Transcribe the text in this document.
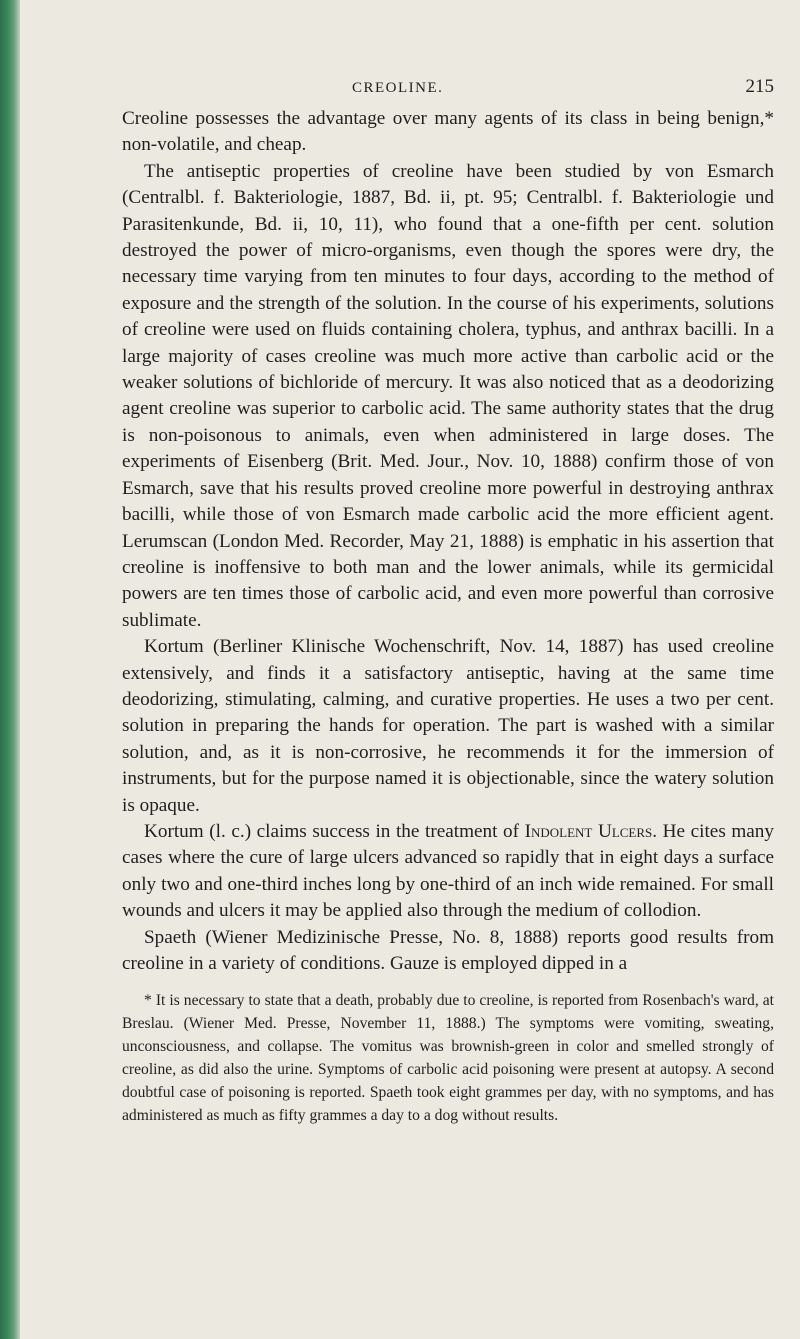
CREOLINE.	215

Creoline possesses the advantage over many agents of its class in being benign,* non-volatile, and cheap.

The antiseptic properties of creoline have been studied by von Esmarch (Centralbl. f. Bakteriologie, 1887, Bd. ii, pt. 95; Centralbl. f. Bakteriologie und Parasitenkunde, Bd. ii, 10, 11), who found that a one-fifth per cent. solution destroyed the power of micro-organisms, even though the spores were dry, the necessary time varying from ten minutes to four days, according to the method of exposure and the strength of the solution. In the course of his experiments, solutions of creoline were used on fluids containing cholera, typhus, and anthrax bacilli. In a large majority of cases creoline was much more active than carbolic acid or the weaker solutions of bichloride of mercury. It was also noticed that as a deodorizing agent creoline was superior to carbolic acid. The same authority states that the drug is non-poisonous to animals, even when administered in large doses. The experiments of Eisenberg (Brit. Med. Jour., Nov. 10, 1888) confirm those of von Esmarch, save that his results proved creoline more powerful in destroying anthrax bacilli, while those of von Esmarch made carbolic acid the more efficient agent. Lerumscan (London Med. Recorder, May 21, 1888) is emphatic in his assertion that creoline is inoffensive to both man and the lower animals, while its germicidal powers are ten times those of carbolic acid, and even more powerful than corrosive sublimate.

Kortum (Berliner Klinische Wochenschrift, Nov. 14, 1887) has used creoline extensively, and finds it a satisfactory antiseptic, having at the same time deodorizing, stimulating, calming, and curative properties. He uses a two per cent. solution in preparing the hands for operation. The part is washed with a similar solution, and, as it is non-corrosive, he recommends it for the immersion of instruments, but for the purpose named it is objectionable, since the watery solution is opaque.

Kortum (l. c.) claims success in the treatment of Indolent Ulcers. He cites many cases where the cure of large ulcers advanced so rapidly that in eight days a surface only two and one-third inches long by one-third of an inch wide remained. For small wounds and ulcers it may be applied also through the medium of collodion.

Spaeth (Wiener Medizinische Presse, No. 8, 1888) reports good results from creoline in a variety of conditions. Gauze is employed dipped in a

* It is necessary to state that a death, probably due to creoline, is reported from Rosenbach's ward, at Breslau. (Wiener Med. Presse, November 11, 1888.) The symptoms were vomiting, sweating, unconsciousness, and collapse. The vomitus was brownish-green in color and smelled strongly of creoline, as did also the urine. Symptoms of carbolic acid poisoning were present at autopsy. A second doubtful case of poisoning is reported. Spaeth took eight grammes per day, with no symptoms, and has administered as much as fifty grammes a day to a dog without results.
